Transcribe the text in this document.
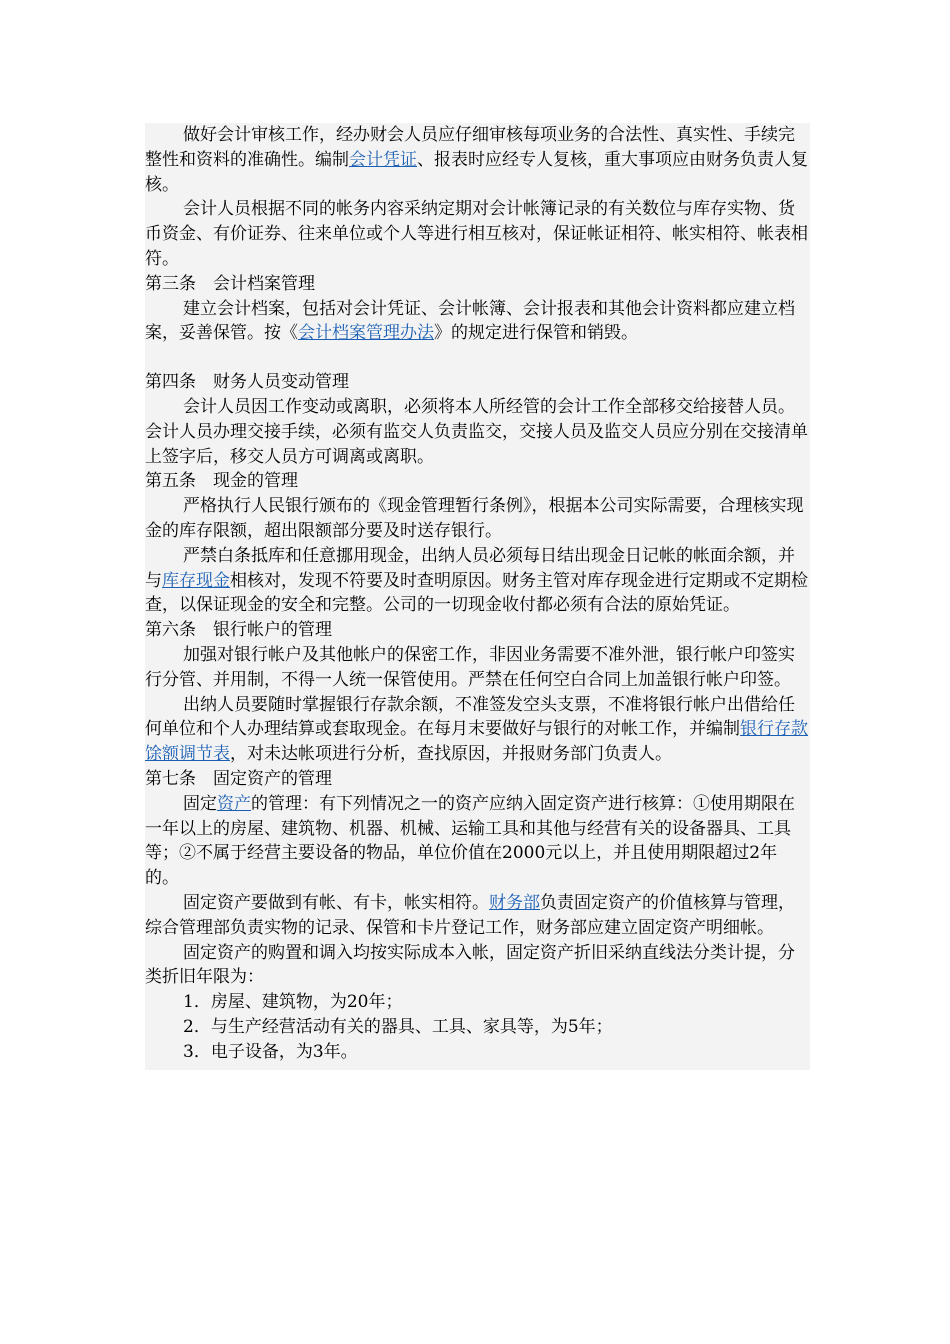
做好会计审核工作，经办财会人员应仔细审核每项业务的合法性、真实性、手续完整性和资料的准确性。编制会计凭证、报表时应经专人复核，重大事项应由财务负责人复核。
会计人员根据不同的帐务内容采纳定期对会计帐簿记录的有关数位与库存实物、货币资金、有价证券、往来单位或个人等进行相互核对，保证帐证相符、帐实相符、帐表相符。
第三条　会计档案管理
建立会计档案，包括对会计凭证、会计帐簿、会计报表和其他会计资料都应建立档案，妥善保管。按《会计档案管理办法》的规定进行保管和销毁。
第四条　财务人员变动管理
会计人员因工作变动或离职，必须将本人所经管的会计工作全部移交给接替人员。会计人员办理交接手续，必须有监交人负责监交，交接人员及监交人员应分别在交接清单上签字后，移交人员方可调离或离职。
第五条　现金的管理
严格执行人民银行颁布的《现金管理暂行条例》，根据本公司实际需要，合理核实现金的库存限额，超出限额部分要及时送存银行。
严禁白条抵库和任意挪用现金，出纳人员必须每日结出现金日记帐的帐面余额，并与库存现金相核对，发现不符要及时查明原因。财务主管对库存现金进行定期或不定期检查，以保证现金的安全和完整。公司的一切现金收付都必须有合法的原始凭证。
第六条　银行帐户的管理
加强对银行帐户及其他帐户的保密工作，非因业务需要不准外泄，银行帐户印签实行分管、并用制，不得一人统一保管使用。严禁在任何空白合同上加盖银行帐户印签。
出纳人员要随时掌握银行存款余额，不准签发空头支票，不准将银行帐户出借给任何单位和个人办理结算或套取现金。在每月末要做好与银行的对帐工作，并编制银行存款馀额调节表，对未达帐项进行分析，查找原因，并报财务部门负责人。
第七条　固定资产的管理
固定资产的管理：有下列情况之一的资产应纳入固定资产进行核算：①使用期限在一年以上的房屋、建筑物、机器、机械、运输工具和其他与经营有关的设备器具、工具等；②不属于经营主要设备的物品，单位价值在2000元以上，并且使用期限超过2年的。
固定资产要做到有帐、有卡，帐实相符。财务部负责固定资产的价值核算与管理，综合管理部负责实物的记录、保管和卡片登记工作，财务部应建立固定资产明细帐。
固定资产的购置和调入均按实际成本入帐，固定资产折旧采纳直线法分类计提，分类折旧年限为：
1．房屋、建筑物，为20年；
2．与生产经营活动有关的器具、工具、家具等，为5年；
3．电子设备，为3年。
